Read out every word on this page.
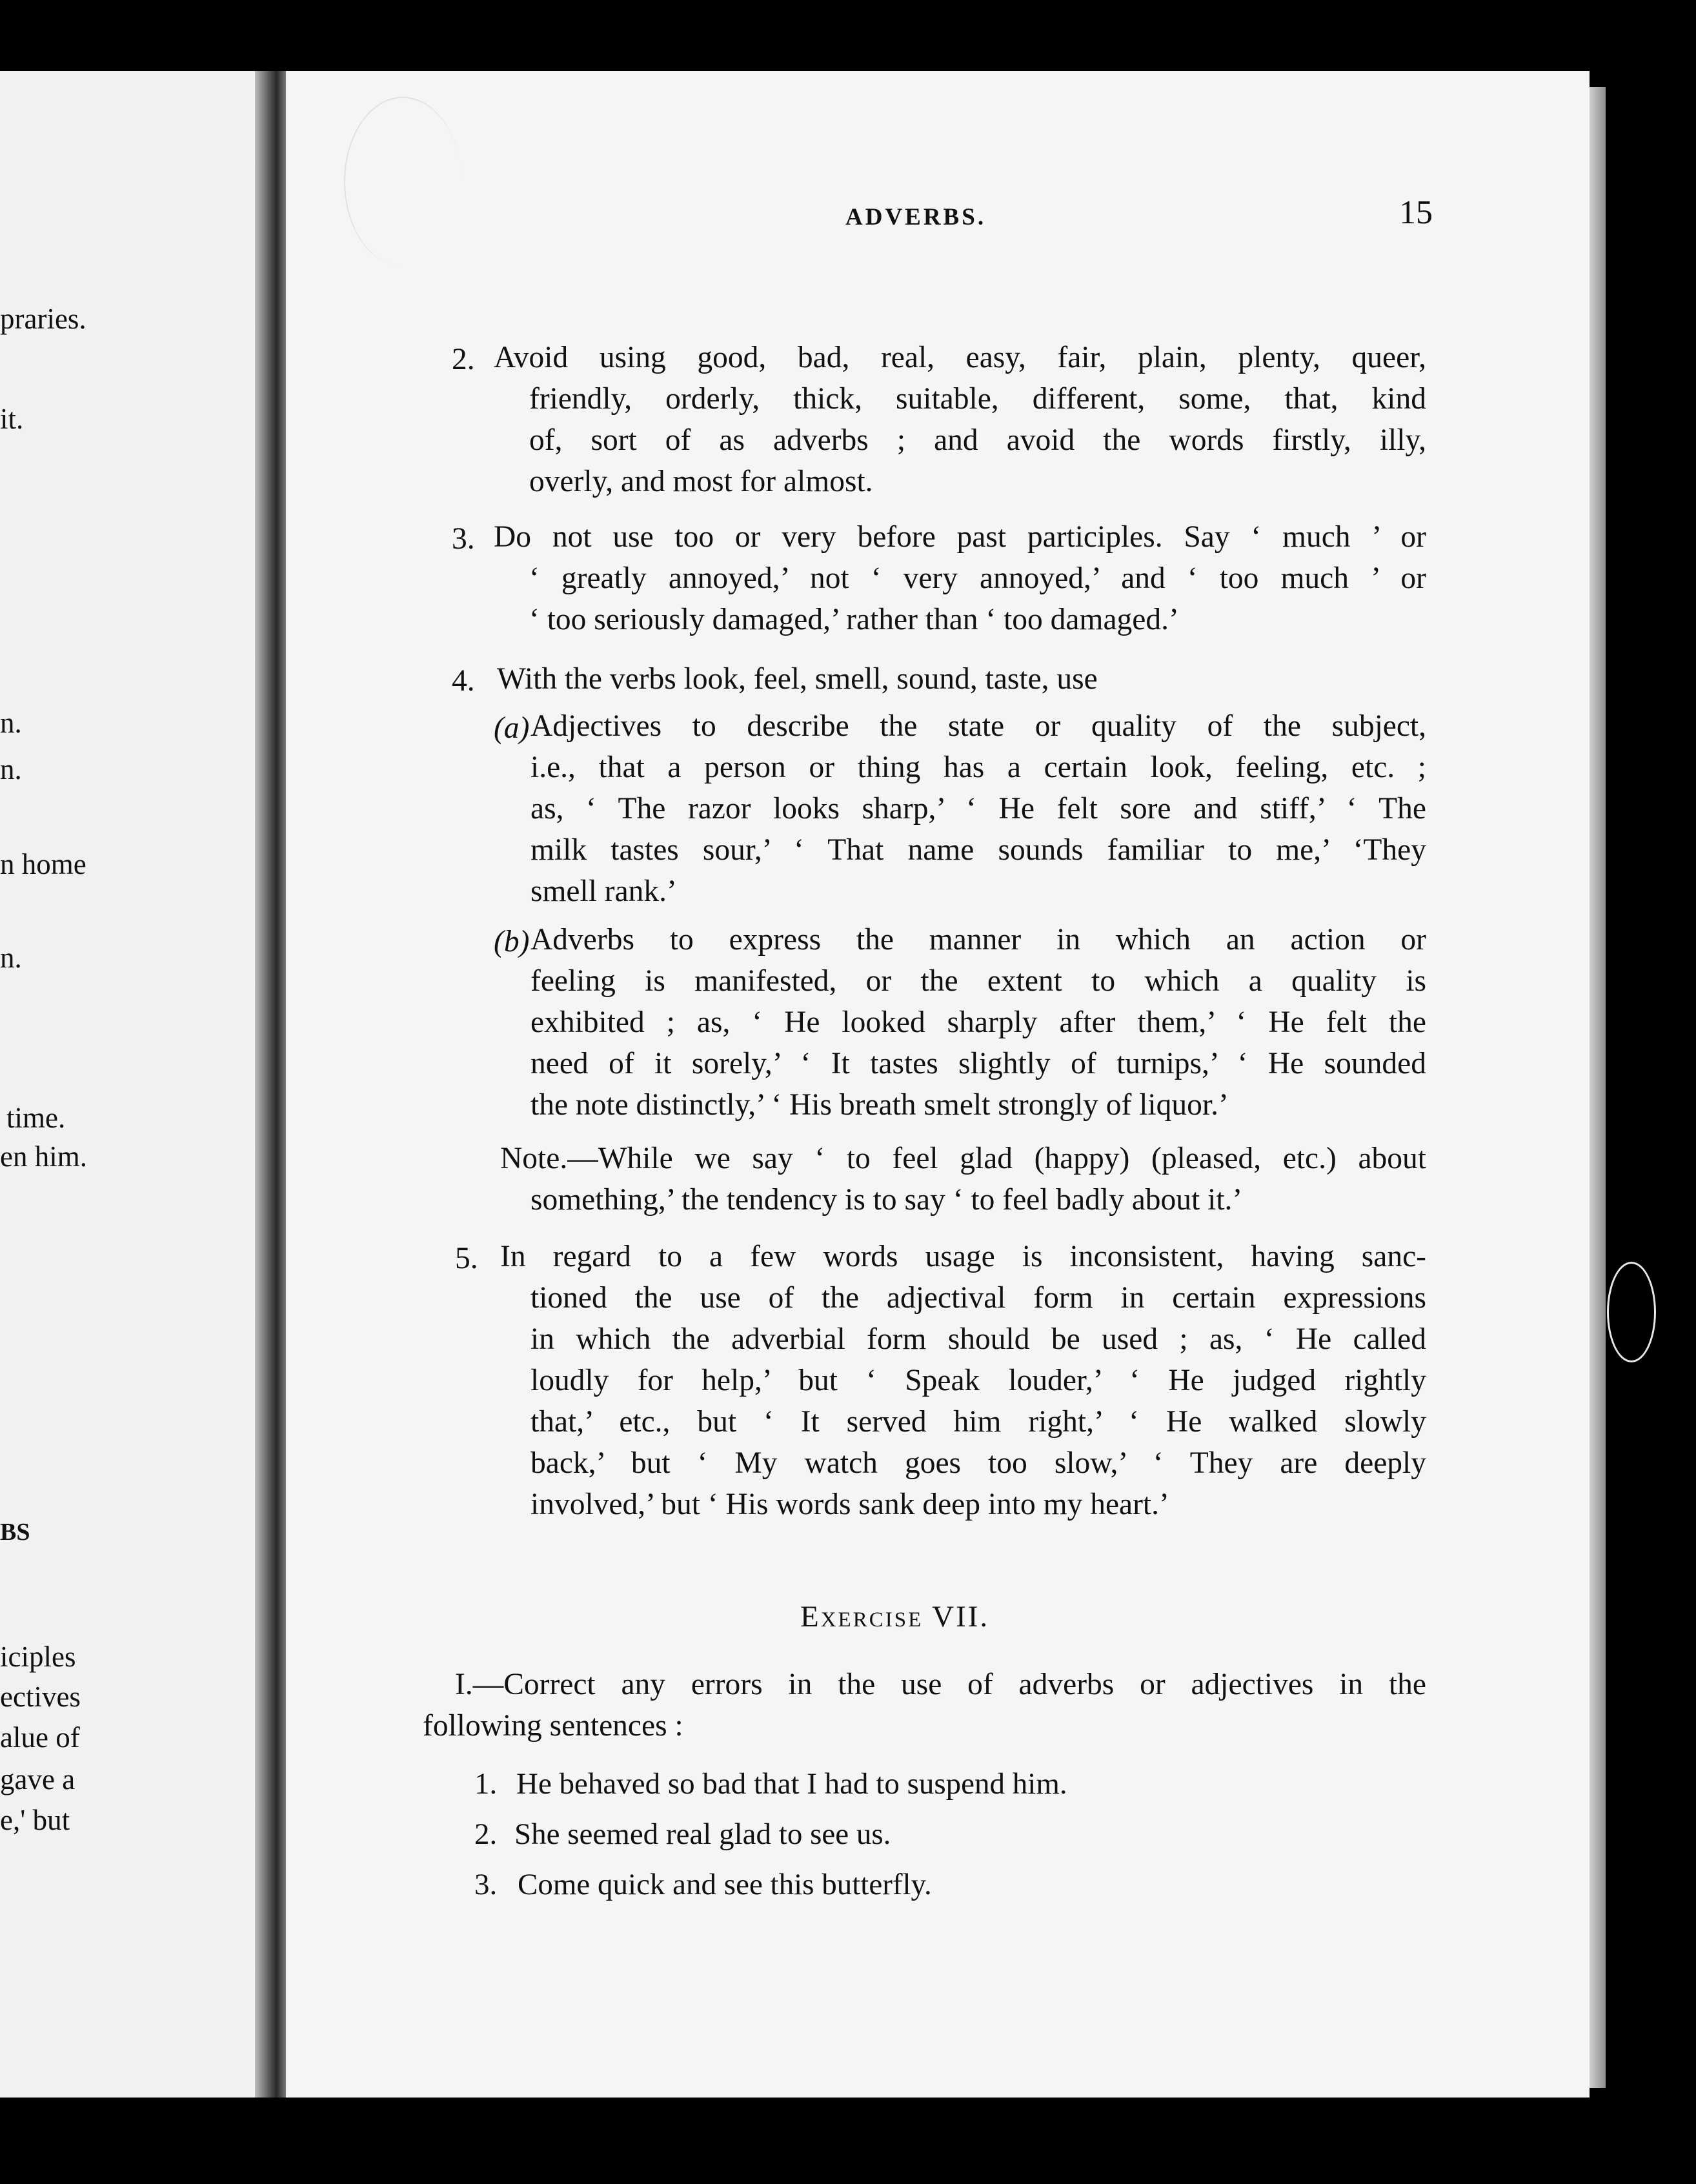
praries.
it.
n.
n.
n home
n.
time.
en him.
BS
iciples
ectives
alue of
gave a
e,' but
ADVERBS.	15
2. Avoid using good, bad, real, easy, fair, plain, plenty, queer,
friendly, orderly, thick, suitable, different, some, that, kind
of, sort of as adverbs ; and avoid the words firstly, illy,
overly, and most for almost.
3. Do not use too or very before past participles. Say ‘ much ’ or
‘ greatly annoyed,’ not ‘ very annoyed,’ and ‘ too much ’ or
‘ too seriously damaged,’ rather than ‘ too damaged.’
4. With the verbs look, feel, smell, sound, taste, use
(a) Adjectives to describe the state or quality of the subject,
i.e., that a person or thing has a certain look, feeling, etc. ;
as, ‘ The razor looks sharp,’ ‘ He felt sore and stiff,’ ‘ The
milk tastes sour,’ ‘ That name sounds familiar to me,’ ‘They
smell rank.’
(b) Adverbs to express the manner in which an action or
feeling is manifested, or the extent to which a quality is
exhibited ; as, ‘ He looked sharply after them,’ ‘ He felt the
need of it sorely,’ ‘ It tastes slightly of turnips,’ ‘ He sounded
the note distinctly,’ ‘ His breath smelt strongly of liquor.’
Note.—While we say ‘ to feel glad (happy) (pleased, etc.) about
something,’ the tendency is to say ‘ to feel badly about it.’
5. In regard to a few words usage is inconsistent, having sanc-
tioned the use of the adjectival form in certain expressions
in which the adverbial form should be used ; as, ‘ He called
loudly for help,’ but ‘ Speak louder,’ ‘ He judged rightly
that,’ etc., but ‘ It served him right,’ ‘ He walked slowly
back,’ but ‘ My watch goes too slow,’ ‘ They are deeply
involved,’ but ‘ His words sank deep into my heart.’
Exercise VII.
I.—Correct any errors in the use of adverbs or adjectives in the
following sentences :
1. He behaved so bad that I had to suspend him.
2. She seemed real glad to see us.
3. Come quick and see this butterfly.
